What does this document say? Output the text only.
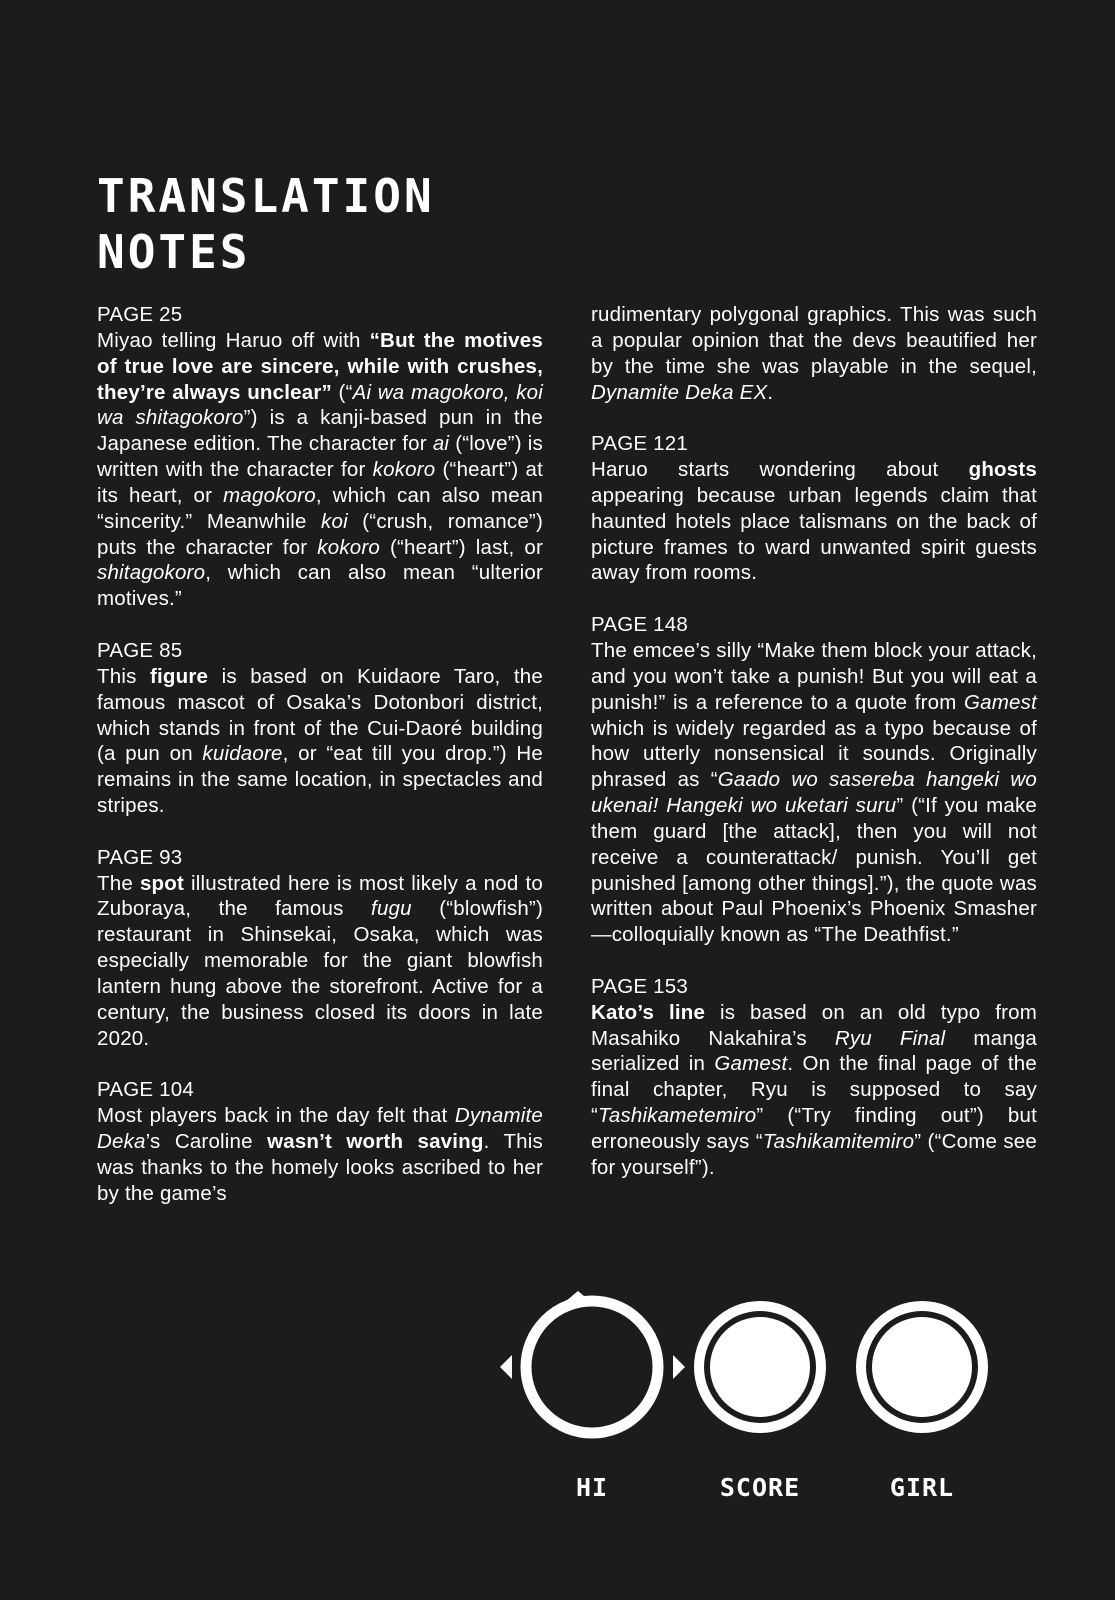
TRANSLATION
NOTES
PAGE 25
Miyao telling Haruo off with “But the motives of true love are sincere, while with crushes, they’re always unclear” (“Ai wa magokoro, koi wa shitagokoro”) is a kanji-based pun in the Japanese edition. The character for ai (“love”) is written with the character for kokoro (“heart”) at its heart, or magokoro, which can also mean “sincerity.” Meanwhile koi (“crush, romance”) puts the character for kokoro (“heart”) last, or shitagokoro, which can also mean “ulterior motives.”
PAGE 85
This figure is based on Kuidaore Taro, the famous mascot of Osaka’s Dotonbori district, which stands in front of the Cui-Daoré building (a pun on kuidaore, or “eat till you drop.”) He remains in the same location, in spectacles and stripes.
PAGE 93
The spot illustrated here is most likely a nod to Zuboraya, the famous fugu (“blowfish”) restaurant in Shinsekai, Osaka, which was especially memorable for the giant blowfish lantern hung above the storefront. Active for a century, the business closed its doors in late 2020.
PAGE 104
Most players back in the day felt that Dynamite Deka’s Caroline wasn’t worth saving. This was thanks to the homely looks ascribed to her by the game’s
rudimentary polygonal graphics. This was such a popular opinion that the devs beautified her by the time she was playable in the sequel, Dynamite Deka EX.
PAGE 121
Haruo starts wondering about ghosts appearing because urban legends claim that haunted hotels place talismans on the back of picture frames to ward unwanted spirit guests away from rooms.
PAGE 148
The emcee’s silly “Make them block your attack, and you won’t take a punish! But you will eat a punish!” is a reference to a quote from Gamest which is widely regarded as a typo because of how utterly nonsensical it sounds. Originally phrased as “Gaado wo sasereba hangeki wo ukenai! Hangeki wo uketari suru” (“If you make them guard [the attack], then you will not receive a counterattack/ punish. You’ll get punished [among other things].”), the quote was written about Paul Phoenix’s Phoenix Smasher—colloquially known as “The Deathfist.”
PAGE 153
Kato’s line is based on an old typo from Masahiko Nakahira’s Ryu Final manga serialized in Gamest. On the final page of the final chapter, Ryu is supposed to say “Tashikametemiro” (“Try finding out”) but erroneously says “Tashikamitemiro” (“Come see for yourself”).
HI	SCORE	GIRL
